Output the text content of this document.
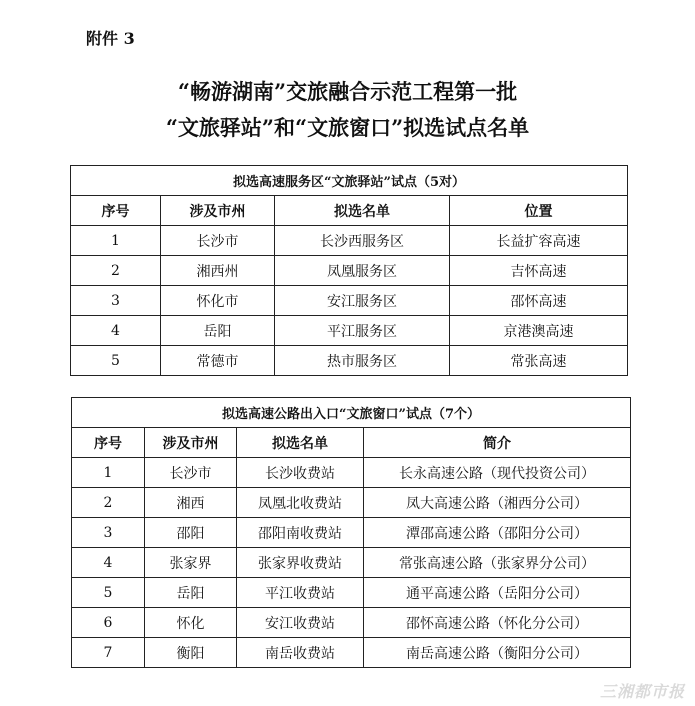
附件 3
“畅游湖南”交旅融合示范工程第一批
“文旅驿站”和“文旅窗口”拟选试点名单
拟选高速服务区“文旅驿站”试点（5对）			
序号	涉及市州	拟选名单	位置
1	长沙市	长沙西服务区	长益扩容高速
2	湘西州	凤凰服务区	吉怀高速
3	怀化市	安江服务区	邵怀高速
4	岳阳	平江服务区	京港澳高速
5	常德市	热市服务区	常张高速
拟选高速公路出入口“文旅窗口”试点（7个）			
序号	涉及市州	拟选名单	简介
1	长沙市	长沙收费站	长永高速公路（现代投资公司）
2	湘西	凤凰北收费站	凤大高速公路（湘西分公司）
3	邵阳	邵阳南收费站	潭邵高速公路（邵阳分公司）
4	张家界	张家界收费站	常张高速公路（张家界分公司）
5	岳阳	平江收费站	通平高速公路（岳阳分公司）
6	怀化	安江收费站	邵怀高速公路（怀化分公司）
7	衡阳	南岳收费站	南岳高速公路（衡阳分公司）
三湘都市报
